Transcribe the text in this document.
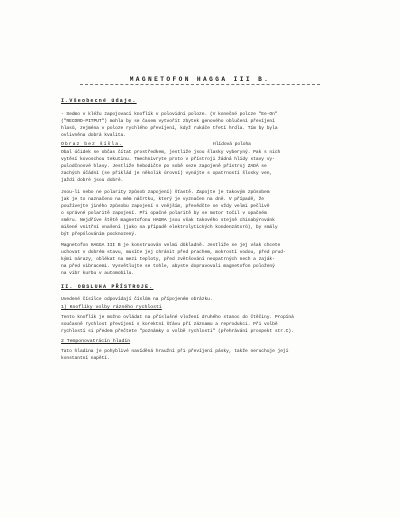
MAGNETOFON HAGGA III B.
I.Všeobecné údaje.
- Sedmo v kléžu zapojovací knoflík v polovidní poloze. (V konečné polcze "Ee-On"
("RECORD-PITPUT") mohla by se časem vytvořit zbytek genového oblučení převíjení
hlasů, zejména v poloze rychlého převíjení, když rukáče třetí hrdla. Tím by byla
ovlivněna dobrá kvalita.
Obraz bez šíšla.	Hlídová poloha
Obal účidek se občas čítat prostředkem, jestliže jsou šlasky vyberyný. Pak s nich
vytěsí kovoschou tekutinu. Tmechnivryte proto v přístroji žádná hlídy stavy vy-
pulodčnosvé hlasy. Jestliže hebodičte po sobě seze zapojeně přístroj ZADÁ se
zachých účádní (se přiklád je několik úrovní) vynájte s opatrností šlosky ven,
jaždí dobré jsou dobré.
Jsou-li nebo ne polarity způsob zapojení) šťastě. Zapojte je takovým způsobem
jak je to naznačeno na mém náčrtku, který je vyznačen na dně. V případě, že
používejte jiného způsobu zapojení s vnějším, převědčte se vždy velmi pečlivě
o správné polaritě zapojení. Při opačné polaritě by se motor točil v opačném
směru. Nejdříve štětě magnetofonu HAGRA jsou však takového stejně chinabýrovánk
mišené vnitřní vnašení (jako na případě elektrolytických kondenzátorů), by smály
být přepólováním pocknozený.
Magnetofon HAGGA III B je konstruován velmi důkladně. Jestliže se jej však chcete
uchovat v dobrém stavu, musíte jej chránit před prachem, mokrostí vodou, před prud-
kými nárazy, oblékat na mezi teploty, před zvětšování neopatrných nech a zaják-
na před vibracemi. Vysvětlujte se tohle, abyste dopravovali magnetofon položený
na vibr kurbu v automobilu.
II. OBSLUHA PŘÍSTROJE.
Uvedené čísílce odpovídají číslům na přípojeném obrázku.
1) Knoflíky volby rázného rychlosti
Tento knoflík je možno ovládat na příslušné vložení druhého stanoc do čtěčiny. Propíná
současně rychlost převíjení s korektní šťávu pří záznamu a reprodukci. Při volbě
rychlostí si předem přečtete "poznámky o volbě rychlosti" (přehrávání prospekt str.C).
2 Temponovatrácín hladín
Tato hladina je pohyblivé navíděná hraužní při převíjení pásky, takže neruchuje její
konstantní napětí.
